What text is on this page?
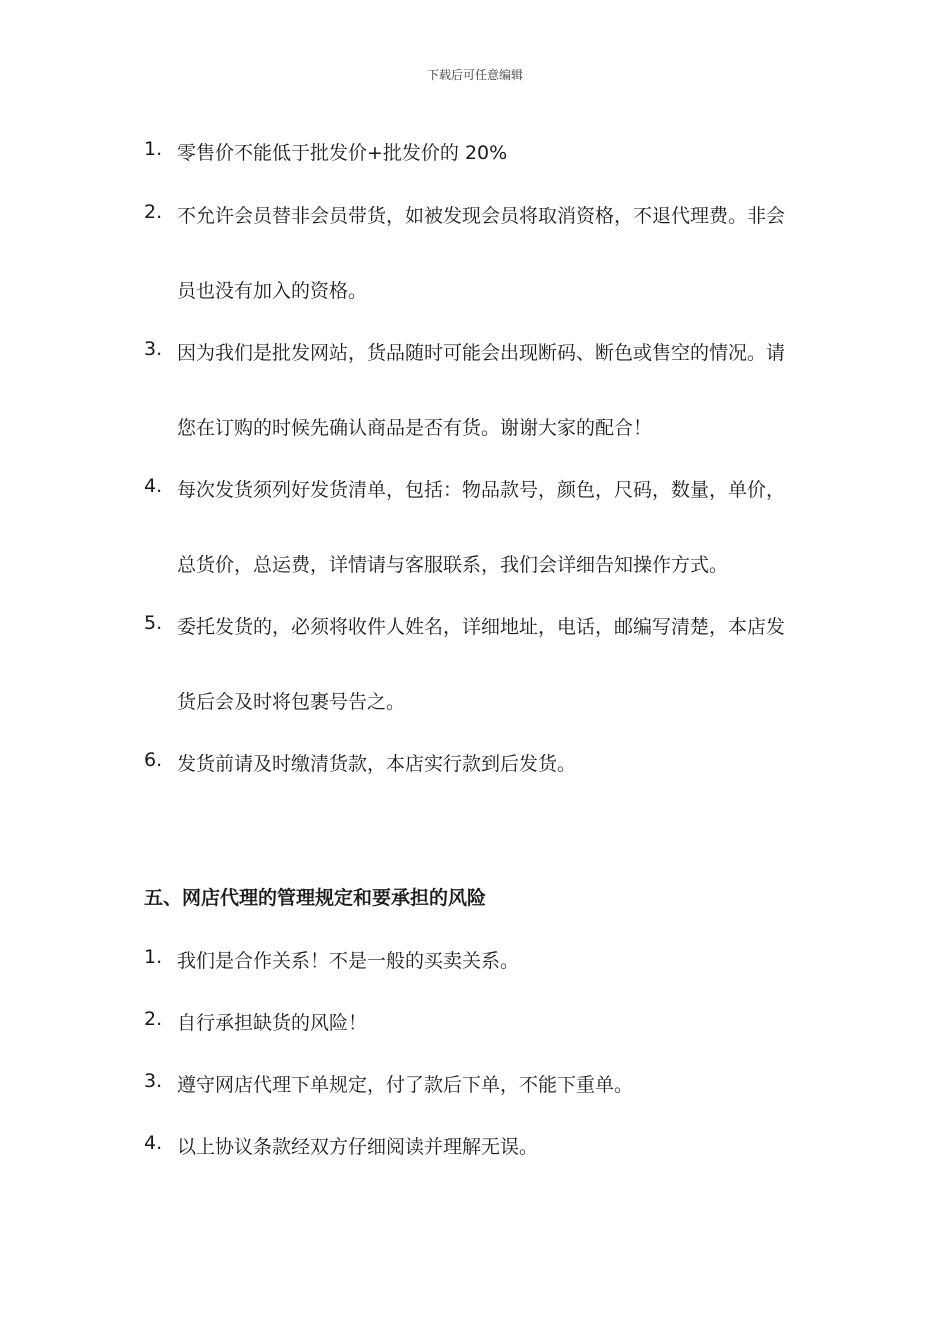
下载后可任意编辑
1. 零售价不能低于批发价+批发价的 20%
2. 不允许会员替非会员带货，如被发现会员将取消资格，不退代理费。非会
员也没有加入的资格。
3. 因为我们是批发网站，货品随时可能会出现断码、断色或售空的情况。请
您在订购的时候先确认商品是否有货。谢谢大家的配合！
4. 每次发货须列好发货清单，包括：物品款号，颜色，尺码，数量，单价，
总货价，总运费，详情请与客服联系，我们会详细告知操作方式。
5. 委托发货的，必须将收件人姓名，详细地址，电话，邮编写清楚，本店发
货后会及时将包裹号告之。
6. 发货前请及时缴清货款，本店实行款到后发货。
五、网店代理的管理规定和要承担的风险
1. 我们是合作关系！不是一般的买卖关系。
2. 自行承担缺货的风险！
3. 遵守网店代理下单规定，付了款后下单，不能下重单。
4. 以上协议条款经双方仔细阅读并理解无误。
